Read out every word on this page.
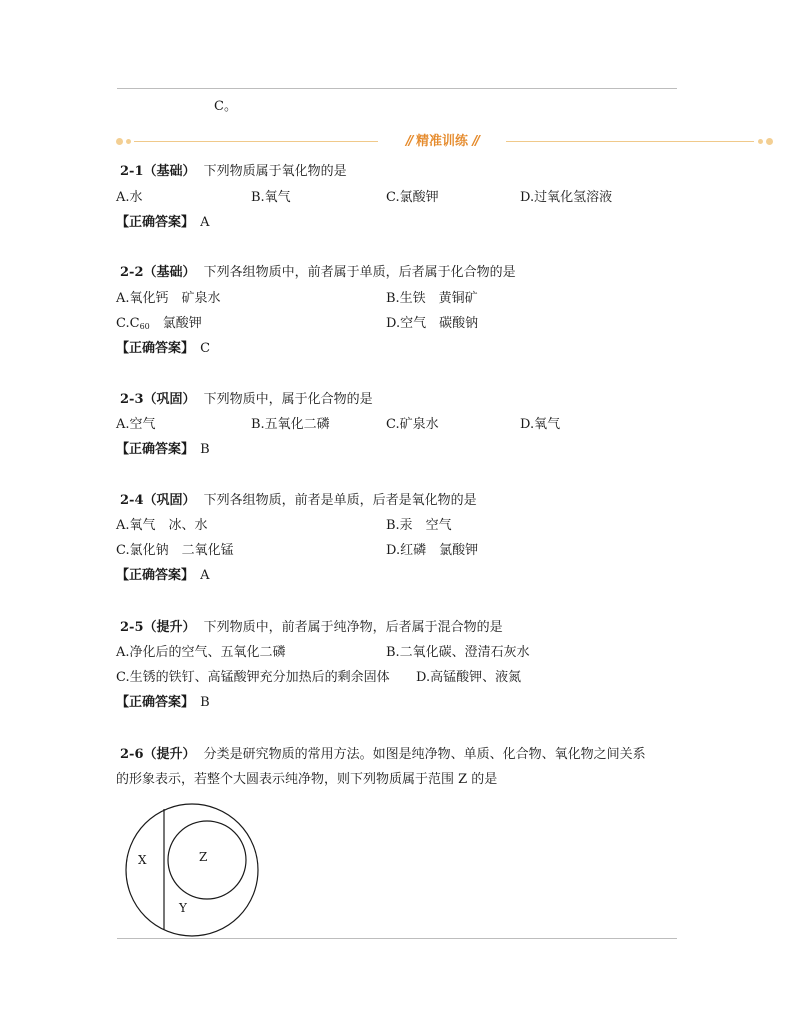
C。
// 精准训练 //
2-1（基础） 下列物质属于氧化物的是
A.水	B.氧气	C.氯酸钾	D.过氧化氢溶液
【正确答案】 A
2-2（基础） 下列各组物质中，前者属于单质，后者属于化合物的是
A.氧化钙　矿泉水	B.生铁　黄铜矿
$C.C_{60}$　氯酸钾	D.空气　碳酸钠
【正确答案】 C
2-3（巩固） 下列物质中，属于化合物的是
A.空气	B.五氧化二磷	C.矿泉水	D.氧气
【正确答案】 B
2-4（巩固） 下列各组物质，前者是单质，后者是氧化物的是
A.氧气　冰、水	B.汞　空气
C.氯化钠　二氧化锰	D.红磷　氯酸钾
【正确答案】 A
2-5（提升） 下列物质中，前者属于纯净物，后者属于混合物的是
A.净化后的空气、五氧化二磷	B.二氧化碳、澄清石灰水
C.生锈的铁钉、高锰酸钾充分加热后的剩余固体 D.高锰酸钾、液氮
【正确答案】 B
2-6（提升） 分类是研究物质的常用方法。如图是纯净物、单质、化合物、氧化物之间关系
的形象表示，若整个大圆表示纯净物，则下列物质属于范围 Z 的是
X	Z
Y
